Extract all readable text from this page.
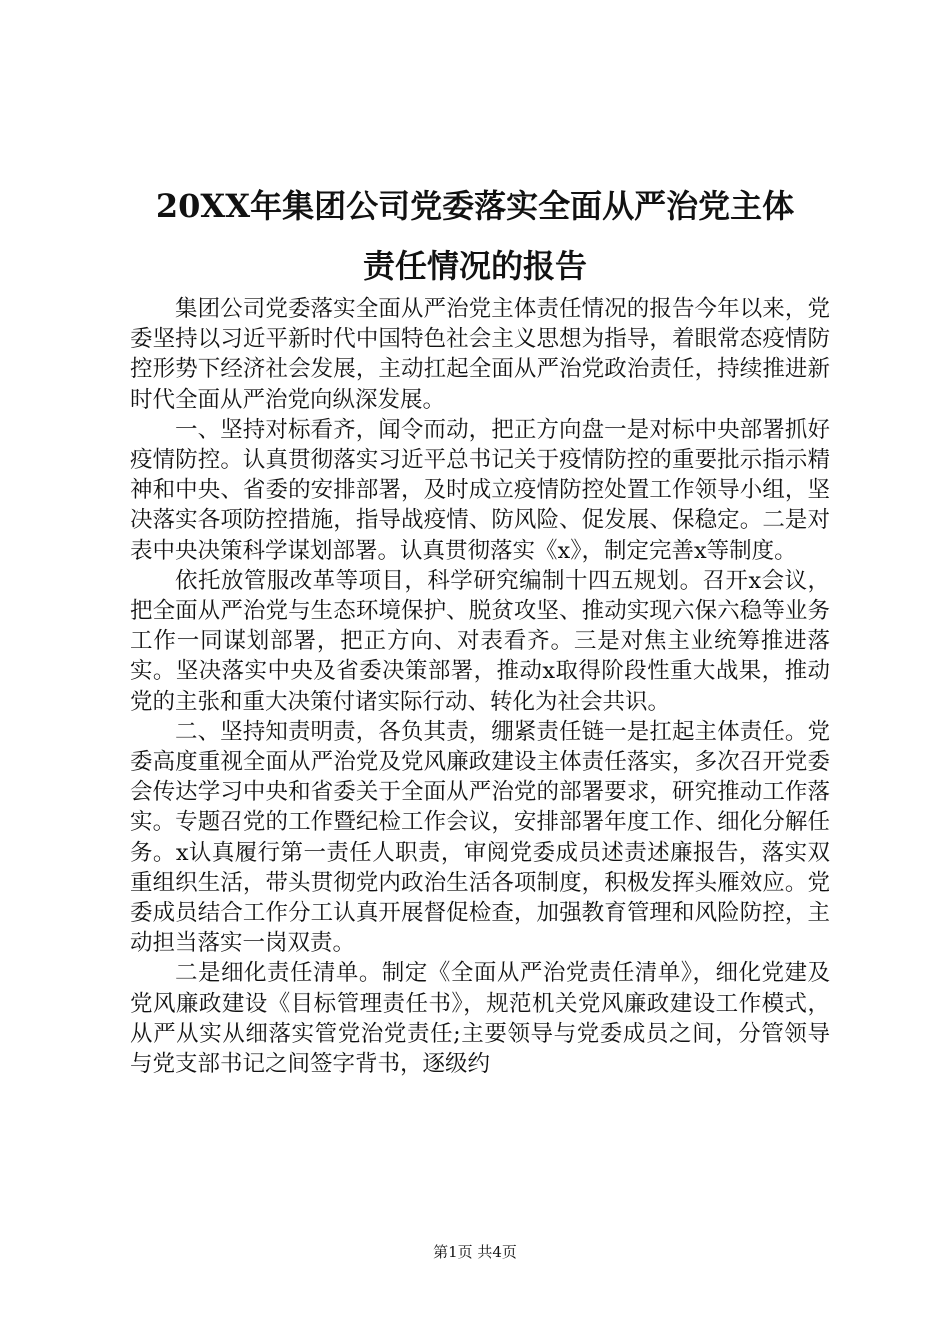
20XX年集团公司党委落实全面从严治党主体
责任情况的报告

集团公司党委落实全面从严治党主体责任情况的报告今年以来，党委坚持以习近平新时代中国特色社会主义思想为指导，着眼常态疫情防控形势下经济社会发展，主动扛起全面从严治党政治责任，持续推进新时代全面从严治党向纵深发展。

一、坚持对标看齐，闻令而动，把正方向盘一是对标中央部署抓好疫情防控。认真贯彻落实习近平总书记关于疫情防控的重要批示指示精神和中央、省委的安排部署，及时成立疫情防控处置工作领导小组，坚决落实各项防控措施，指导战疫情、防风险、促发展、保稳定。二是对表中央决策科学谋划部署。认真贯彻落实《x》，制定完善x等制度。

依托放管服改革等项目，科学研究编制十四五规划。召开x会议，把全面从严治党与生态环境保护、脱贫攻坚、推动实现六保六稳等业务工作一同谋划部署，把正方向、对表看齐。三是对焦主业统筹推进落实。坚决落实中央及省委决策部署，推动x取得阶段性重大战果，推动党的主张和重大决策付诸实际行动、转化为社会共识。

二、坚持知责明责，各负其责，绷紧责任链一是扛起主体责任。党委高度重视全面从严治党及党风廉政建设主体责任落实，多次召开党委会传达学习中央和省委关于全面从严治党的部署要求，研究推动工作落实。专题召党的工作暨纪检工作会议，安排部署年度工作、细化分解任务。x认真履行第一责任人职责，审阅党委成员述责述廉报告，落实双重组织生活，带头贯彻党内政治生活各项制度，积极发挥头雁效应。党委成员结合工作分工认真开展督促检查，加强教育管理和风险防控，主动担当落实一岗双责。

二是细化责任清单。制定《全面从严治党责任清单》，细化党建及党风廉政建设《目标管理责任书》，规范机关党风廉政建设工作模式，从严从实从细落实管党治党责任;主要领导与党委成员之间，分管领导与党支部书记之间签字背书，逐级约

第1页 共4页
